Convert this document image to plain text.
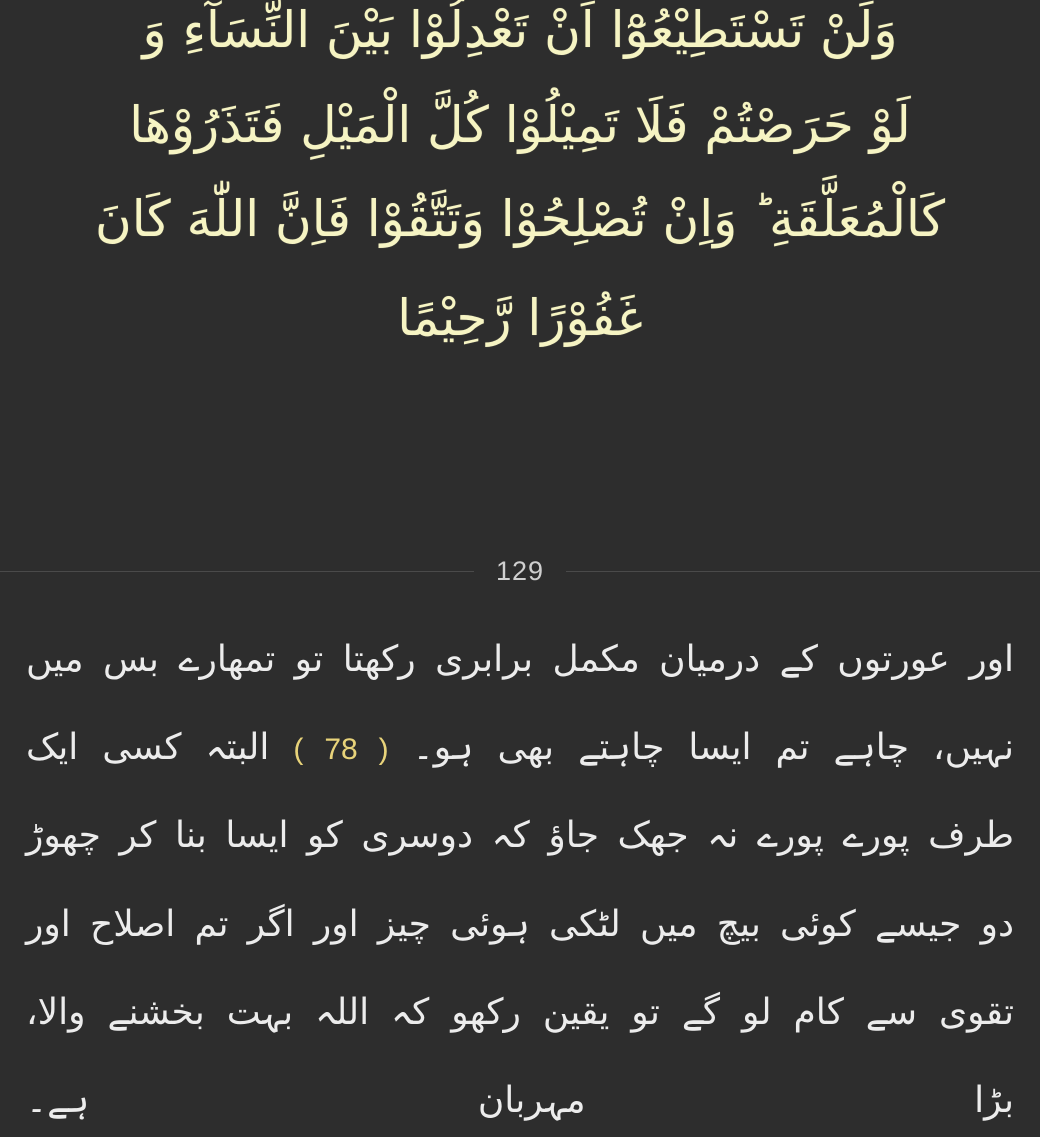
وَلَنْ تَسْتَطِيْعُوْٓا اَنْ تَعْدِلُوْا بَيْنَ النِّسَآءِ وَ
لَوْ حَرَصْتُمْ فَلَا تَمِيْلُوْا كُلَّ الْمَيْلِ فَتَذَرُوْهَا
كَالْمُعَلَّقَةِ ؕ وَاِنْ تُصْلِحُوْا وَتَتَّقُوْا فَاِنَّ اللّٰهَ كَانَ
غَفُوْرًا رَّحِيْمًا
129
اور عورتوں کے درمیان مکمل برابری رکھتا تو تمھارے بس میں نہیں، چاہے تم ایسا چاہتے بھی ہو۔ ( 78 ) البتہ کسی ایک طرف پورے پورے نہ جھک جاؤ کہ دوسری کو ایسا بنا کر چھوڑ دو جیسے کوئی بیچ میں لٹکی ہوئی چیز اور اگر تم اصلاح اور تقوی سے کام لو گے تو یقین رکھو کہ اللہ بہت بخشنے والا، بڑا مہربان ہے۔
